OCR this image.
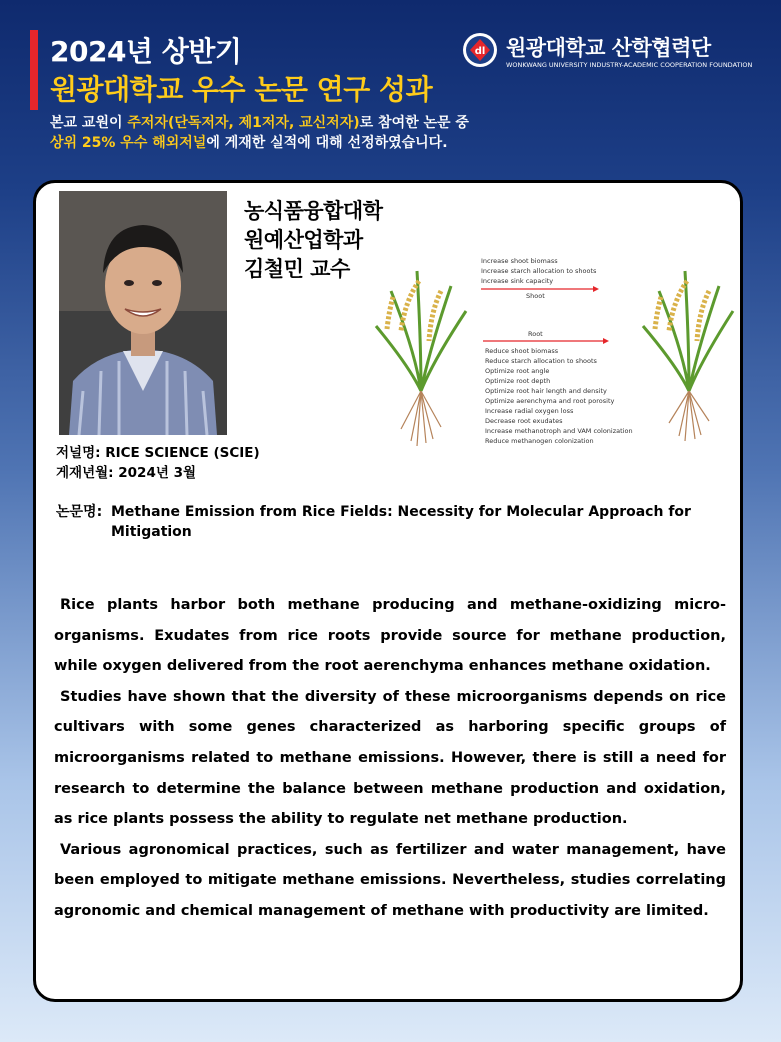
2024년 상반기
원광대학교 우수 논문 연구 성과
dl 원광대학교 산학협력단
WONKWANG UNIVERSITY INDUSTRY-ACADEMIC COOPERATION FOUNDATION
본교 교원이 주저자(단독저자, 제1저자, 교신저자)로 참여한 논문 중
상위 25% 우수 해외저널에 게재한 실적에 대해 선정하였습니다.
농식품융합대학
원예산업학과
김철민 교수	Increase shoot biomass
Increase starch allocation to shoots
Increase sink capacity
Shoot
Root
Reduce shoot biomass
Reduce starch allocation to shoots
Optimize root angle
Optimize root depth
Optimize root hair length and density
Optimize aerenchyma and root porosity
Increase radial oxygen loss
Decrease root exudates
Increase methanotroph and VAM colonization
Reduce methanogen colonization
저널명: RICE SCIENCE (SCIE)
게재년월: 2024년 3월
논문명: Methane Emission from Rice Fields: Necessity for Molecular Approach for Mitigation

Rice plants harbor both methane producing and methane-oxidizing micro-organisms. Exudates from rice roots provide source for methane production, while oxygen delivered from the root aerenchyma enhances methane oxidation.

Studies have shown that the diversity of these microorganisms depends on rice cultivars with some genes characterized as harboring specific groups of microorganisms related to methane emissions. However, there is still a need for research to determine the balance between methane production and oxidation, as rice plants possess the ability to regulate net methane production.

Various agronomical practices, such as fertilizer and water management, have been employed to mitigate methane emissions. Nevertheless, studies correlating agronomic and chemical management of methane with productivity are limited.
